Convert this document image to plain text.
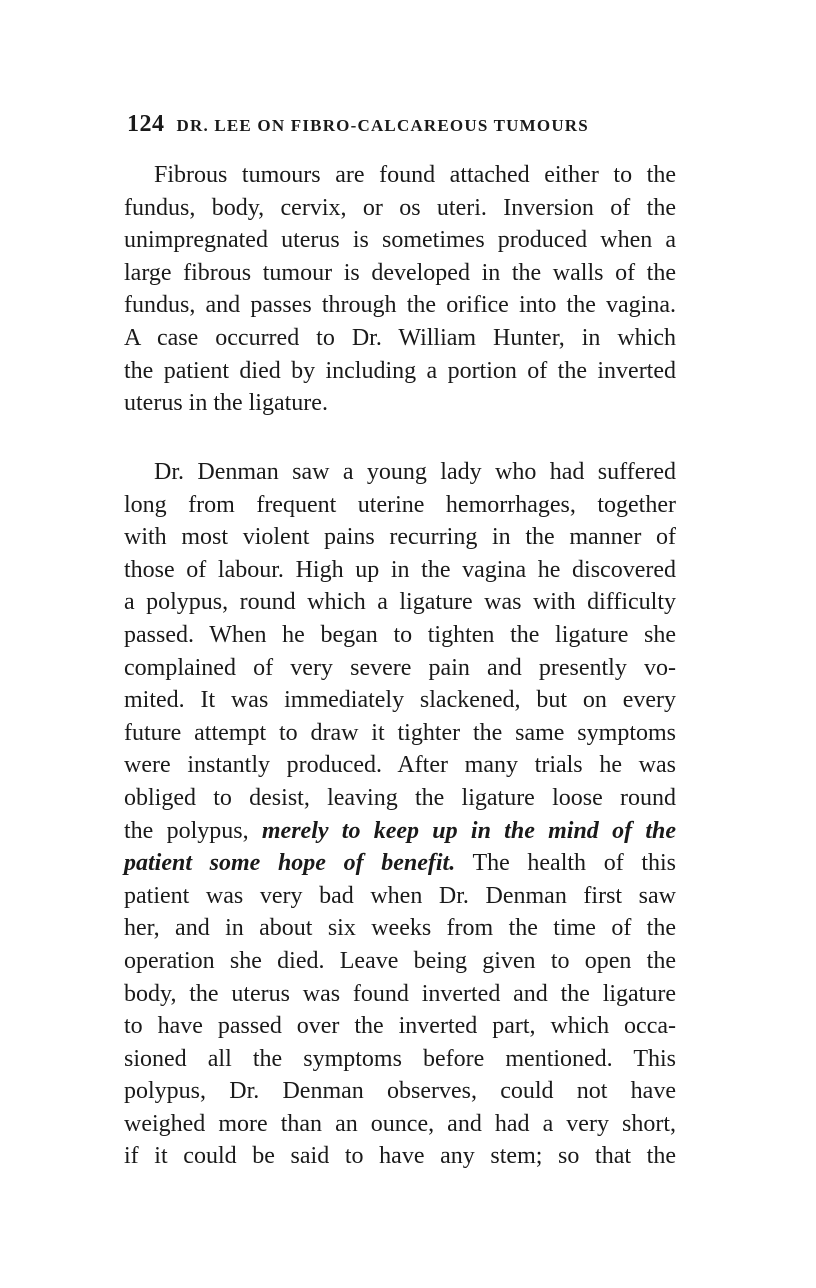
124 DR. LEE ON FIBRO-CALCAREOUS TUMOURS
Fibrous tumours are found attached either to the
fundus, body, cervix, or os uteri. Inversion of the
unimpregnated uterus is sometimes produced when a
large fibrous tumour is developed in the walls of the
fundus, and passes through the orifice into the vagina.
A case occurred to Dr. William Hunter, in which
the patient died by including a portion of the inverted
uterus in the ligature.
Dr. Denman saw a young lady who had suffered
long from frequent uterine hemorrhages, together
with most violent pains recurring in the manner of
those of labour. High up in the vagina he discovered
a polypus, round which a ligature was with difficulty
passed. When he began to tighten the ligature she
complained of very severe pain and presently vo-
mited. It was immediately slackened, but on every
future attempt to draw it tighter the same symptoms
were instantly produced. After many trials he was
obliged to desist, leaving the ligature loose round
the polypus, merely to keep up in the mind of the
patient some hope of benefit. The health of this
patient was very bad when Dr. Denman first saw
her, and in about six weeks from the time of the
operation she died. Leave being given to open the
body, the uterus was found inverted and the ligature
to have passed over the inverted part, which occa-
sioned all the symptoms before mentioned. This
polypus, Dr. Denman observes, could not have
weighed more than an ounce, and had a very short,
if it could be said to have any stem; so that the
